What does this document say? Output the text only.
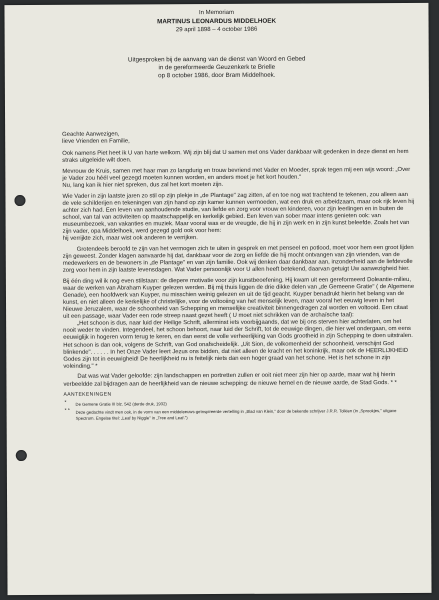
In Memoriam
MARTINUS LEONARDUS MIDDELHOEK
29 april 1898 – 4 october 1986
Uitgesproken bij de aanvang van de dienst van Woord en Gebed
in de gereformeerde Geuzenkerk te Brielle
op 8 october 1986, door Bram Middelhoek.

Geachte Aanwezigen,
lieve Vrienden en Familie,

Ook namens Piet heet ik U van harte welkom. Wij zijn blij dat U samen met ons Vader dankbaar wilt gedenken in deze dienst en hem straks uitgeleide wilt doen.

Mevrouw de Kruis, samen met haar man zo langdurig en trouw bevriend met Vader en Moeder, sprak tegen mij een wijs woord: „Over je Vader zou héél veel gezegd moeten kunnen worden, en anders moet je het kort houden."

Nu, lang kan ik hier niet spreken, dus zal het kort moeten zijn.

Wie Vader in zijn laatste jaren zo stil op zijn plekje in „de Plantage" zag zitten, af en toe nog wat trachtend te tekenen, zou alleen aan de vele schilderijen en tekeningen van zijn hand op zijn kamer kunnen vermoeden, wat een druk en arbeidzaam, maar ook rijk leven hij achter zich had. Een leven van aanhoudende studie, van liefde en zorg voor vrouw en kinderen, voor zijn leerlingen en in buiten de school, van tal van activiteiten op maatschappelijk en kerkelijk gebied. Een leven van sober maar intens genieten ook: van museumbezoek, van vakanties en muziek. Maar vooral was er de vreugde, die hij in zijn werk en in zijn kunst beleefde. Zoals het van zijn vader, opa Middelhoek, werd gezegd gold ook voor hem:

hij verrijkte zich, maar wist ook anderen te verrijken.

Grotendeels beroofd te zijn van het vermogen zich te uiten in gesprek en met penseel en potlood, moet voor hem een groot lijden zijn geweest. Zonder klagen aanvaarde hij dat, dankbaar voor de zorg en liefde die hij mocht ontvangen van zijn vrienden, van de medewerkers en de bewoners in „de Plantage" en van zijn familie. Ook wij denken daar dankbaar aan, inzonderheid aan de liefdevolle zorg voor hem in zijn laatste levensdagen. Wat Vader persoonlijk voor U allen heeft betekend, daarvan getuigt Uw aanwezigheid hier.

Bij één ding wil ik nog even stilstaan: de diepere motivatie voor zijn kunstbeoefening. Hij kwam uit een gereformeerd Doleantie-milieu, waar de werken van Abraham Kuyper gelezen werden. Bij mij thuis liggen de drie dikke delen van „de Gemeene Gratie" ( de Algemene Genade), een hoofdwerk van Kuyper, nu misschien weinig gelezen en uit de tijd geacht. Kuyper benadrukt hierin het belang van de kunst, en niet alleen de kerkelijke of christelijke, voor de voltooiing van het menselijk leven, maar vooral het eeuwig leven in het Nieuwe Jeruzalem, waar de schoonheid van Schepping en menselijke creativiteit binnengedragen zal worden en voltooid. Een citaat uit een passage, waar Vader een rode streep naast gezet heeft ( U moet niet schrikken van de archaïsche taal):

„Het schoon is dus, naar luid der Heilige Schrift, allerminst iets voorbijgaands, dat we bij ons sterven hier achterlaten, om het nooit weder te vinden. Integendeel, het schoon behoort, naar luid der Schrift, tot de eeuwige dingen, die hier wel ondergaan, om eens eeuwiglijk in hogeren vorm terug te keren, en dan eerst de volle verheerlijking van Gods grootheid in zijn Schepping te doen uitstralen.

Het schoon is dan ook, volgens de Schrift, van God onafscheidelijk. „Uit Sion, de volkomenheid der schoonheid, verschijnt God blinkende". . . . . . In het Onze Vader leert Jezus ons bidden, dat niet alleen de kracht en het koninkrijk, maar ook de HEERLIJKHEID Godes zijn tot in eeuwigheid! De heerlijkheid nu is feitelijk niets dan een hoger graad van het schone. Het is het schone in zijn voleinding." *

Dat was wat Vader geloofde: zijn landschappen en portretten zullen er ooit niet meer zijn hier op aarde, maar wat hij hierin verbeeldde zal bijdragen aan de heerlijkheid van de nieuwe schepping: de nieuwe hemel en de nieuwe aarde, de Stad Gods. * *

AANTEKENINGEN
* De Gemene Gratie III blz. 542 (derde druk, 1932)
* * Deze gedachte vindt men ook, in de vorm van een middeleeuws-geïnspireerde vertelling in „Blad van Klein," door de bekende schrijver J.R.R. Tolkien (in „Sprookjes," uitgave Spectrum. Engelse titel: „Leaf by Niggle" in „Tree and Leaf.")
